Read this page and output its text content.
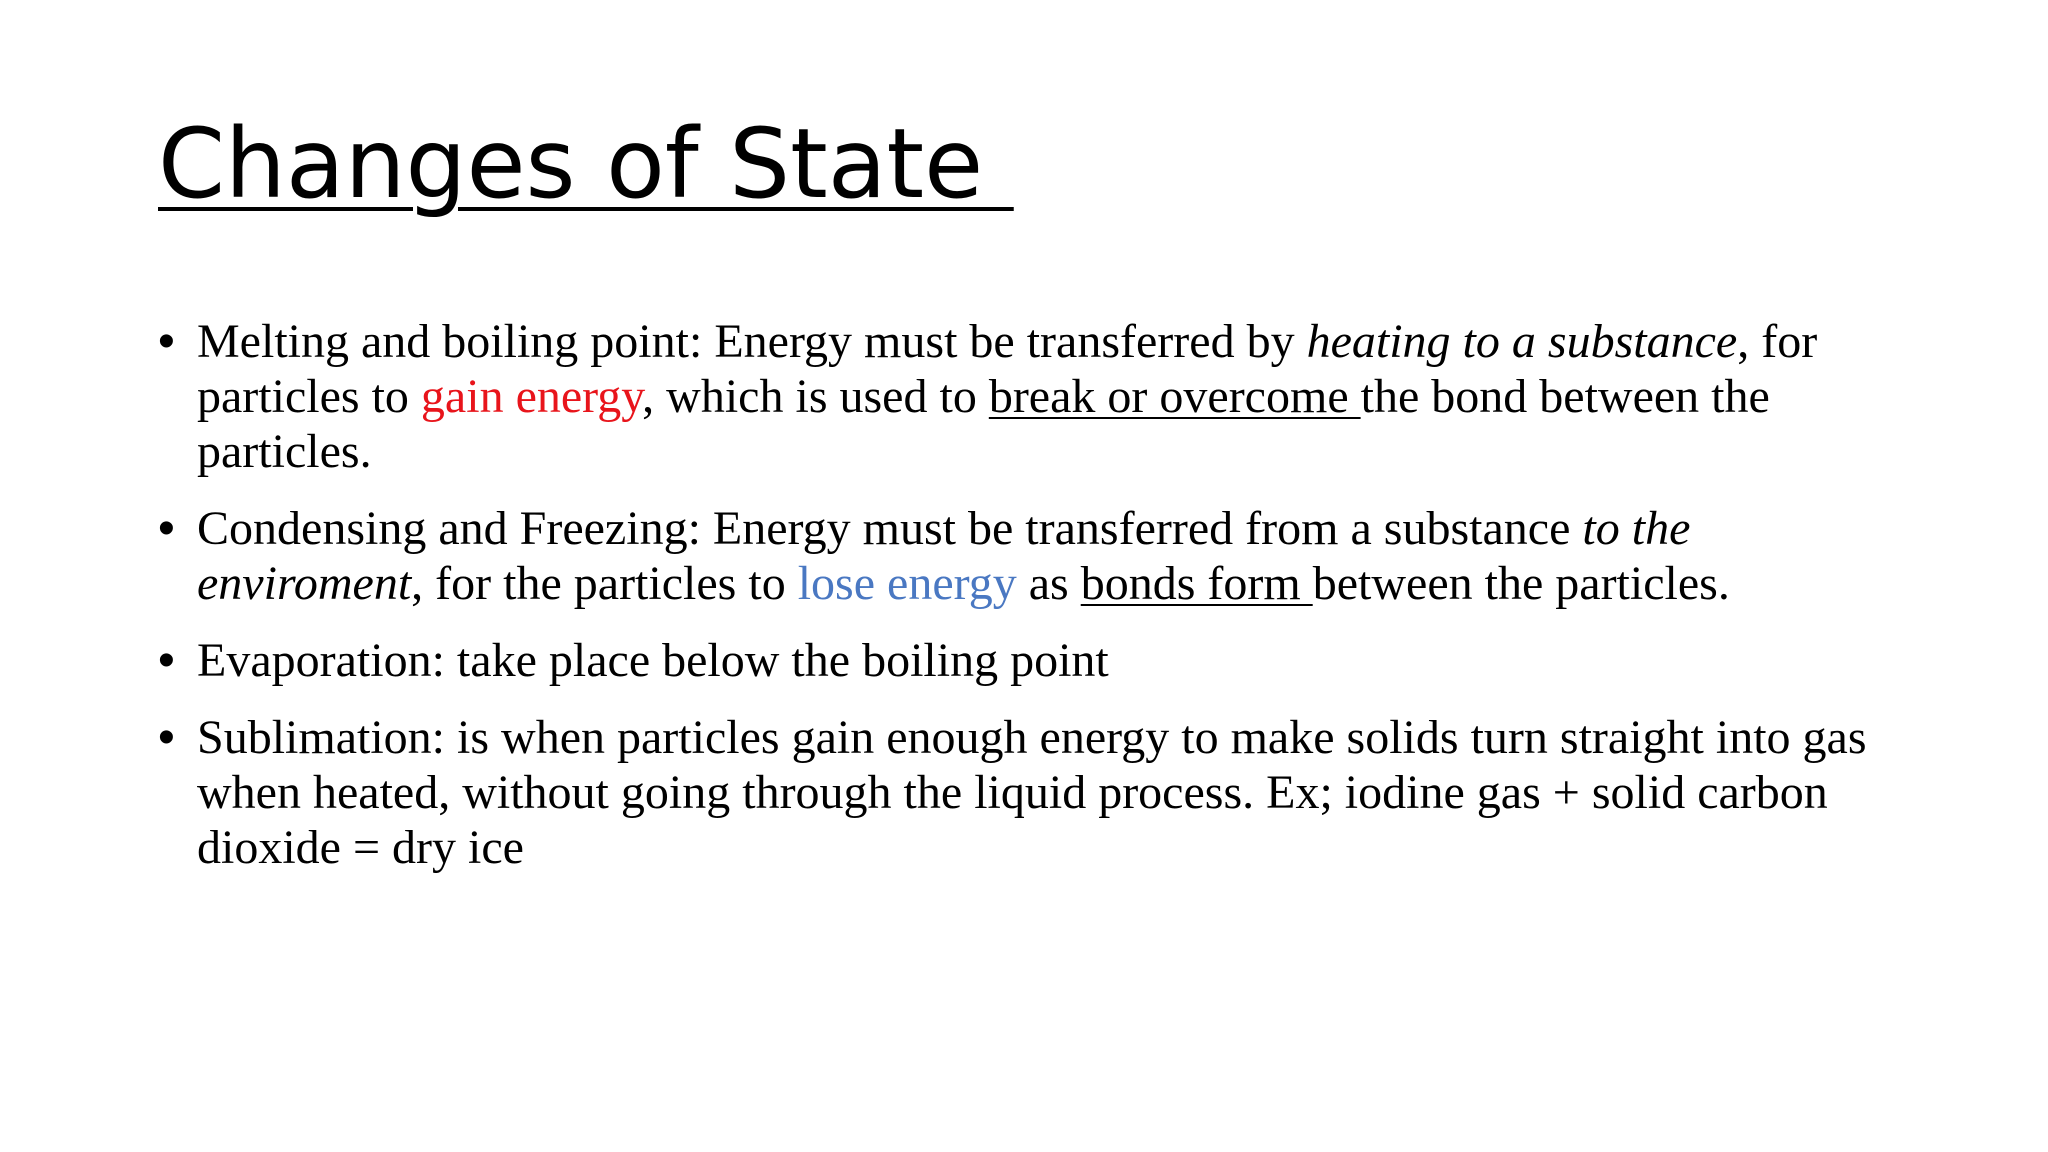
Changes of State
• Melting and boiling point: Energy must be transferred by heating to a substance, for particles to gain energy, which is used to break or overcome the bond between the particles.
• Condensing and Freezing: Energy must be transferred from a substance to the enviroment, for the particles to lose energy as bonds form between the particles.
• Evaporation: take place below the boiling point
• Sublimation: is when particles gain enough energy to make solids turn straight into gas when heated, without going through the liquid process. Ex; iodine gas + solid carbon dioxide = dry ice
